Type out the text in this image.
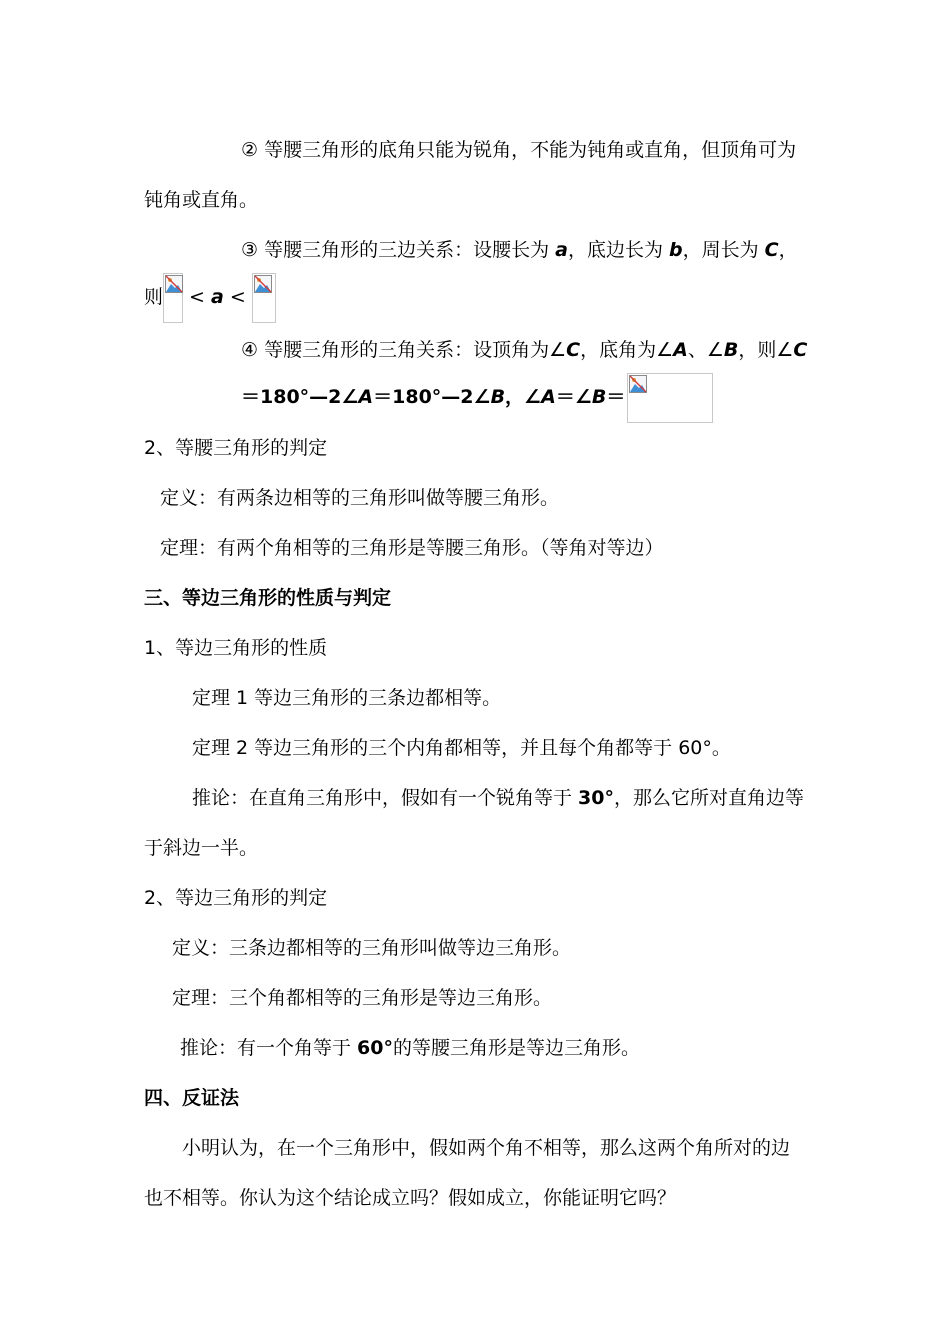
② 等腰三角形的底角只能为锐角，不能为钝角或直角，但顶角可为
钝角或直角。
③ 等腰三角形的三边关系：设腰长为 a，底边长为 b，周长为 C，
则
< a <
④ 等腰三角形的三角关系：设顶角为∠C，底角为∠A、∠B，则∠C
＝180°—2∠A＝180°—2∠B，∠A＝∠B＝
2、等腰三角形的判定
定义：有两条边相等的三角形叫做等腰三角形。
定理：有两个角相等的三角形是等腰三角形。（等角对等边）
三、等边三角形的性质与判定
1、等边三角形的性质
定理 1 等边三角形的三条边都相等。
定理 2 等边三角形的三个内角都相等，并且每个角都等于 60°。
推论：在直角三角形中，假如有一个锐角等于 30°，那么它所对直角边等
于斜边一半。
2、等边三角形的判定
定义：三条边都相等的三角形叫做等边三角形。
定理：三个角都相等的三角形是等边三角形。
推论：有一个角等于 60°的等腰三角形是等边三角形。
四、反证法
小明认为，在一个三角形中，假如两个角不相等，那么这两个角所对的边
也不相等。你认为这个结论成立吗？假如成立，你能证明它吗？
